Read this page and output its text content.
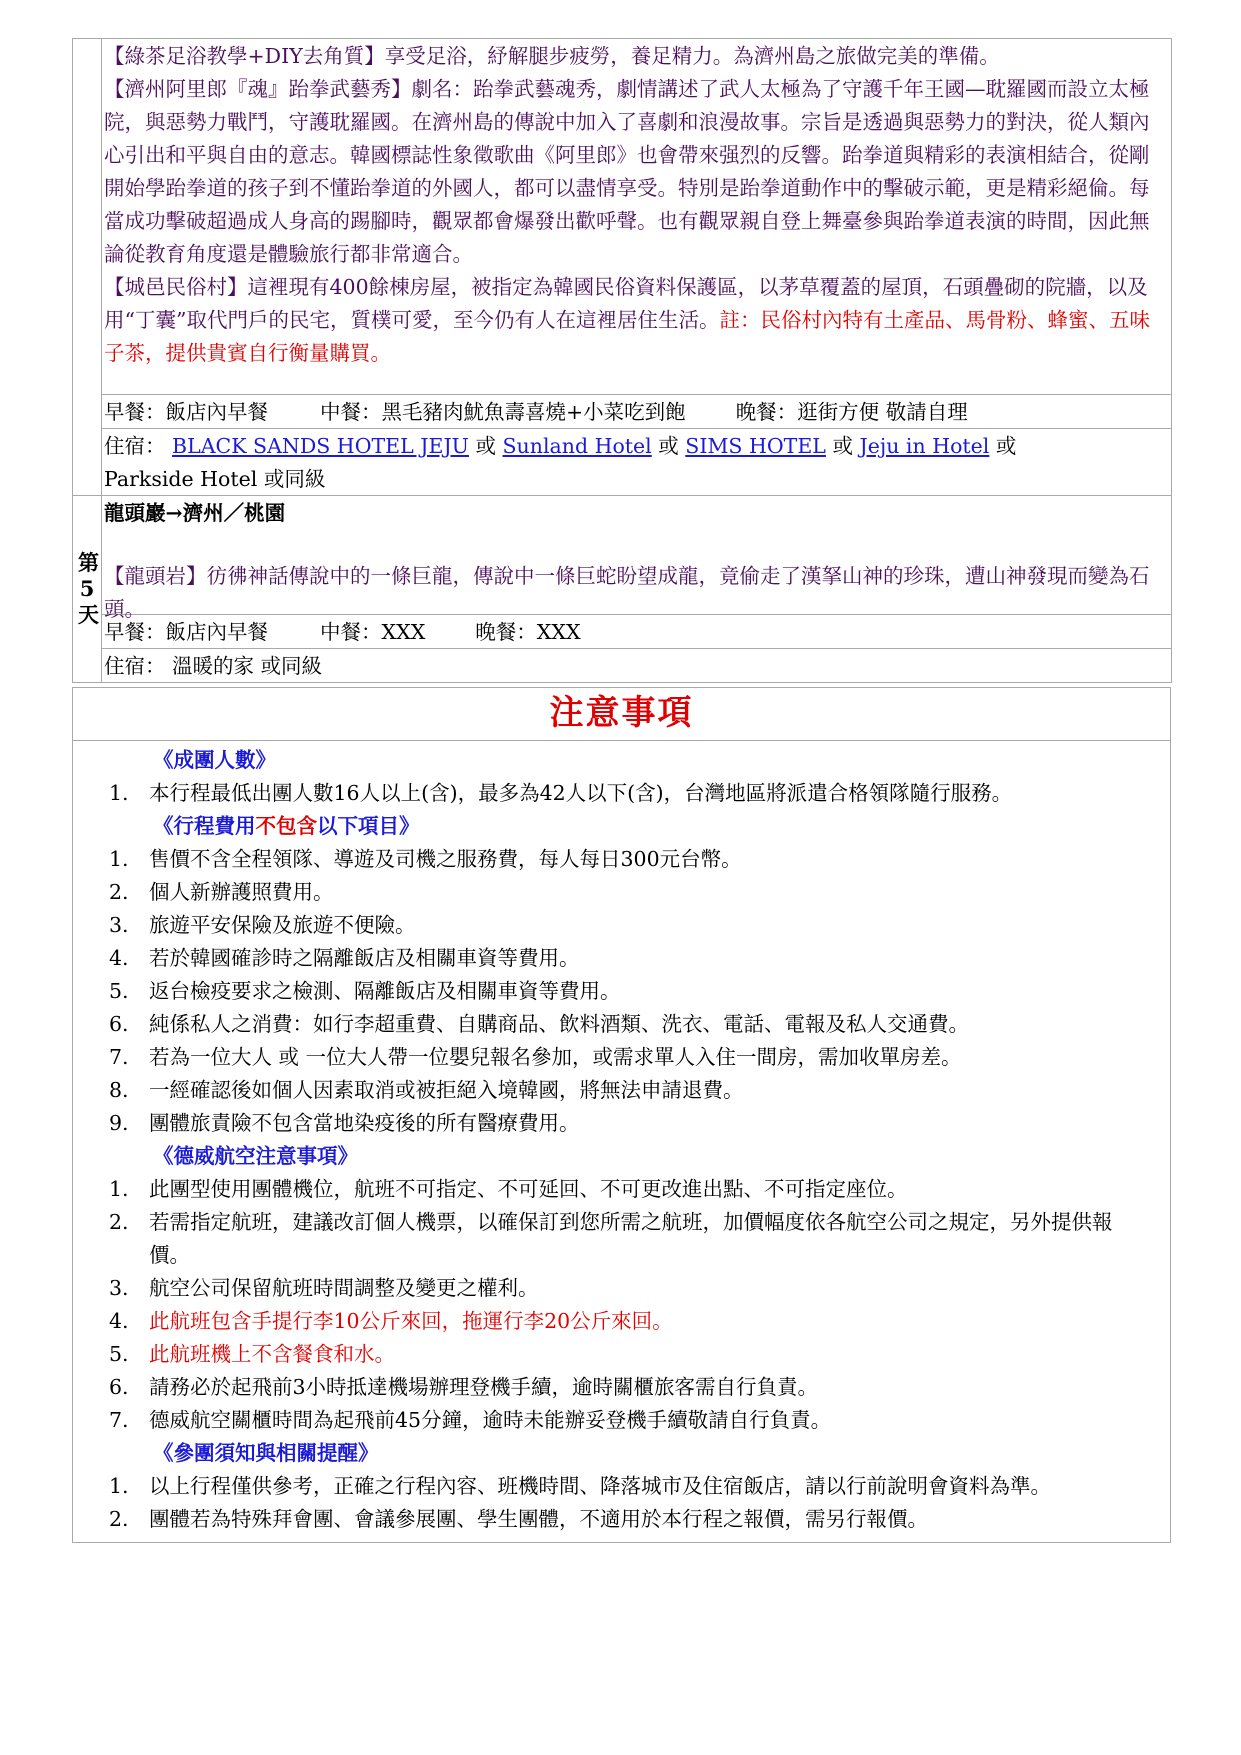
	【綠茶足浴教學+DIY去角質】享受足浴，紓解腿步疲勞，養足精力。為濟州島之旅做完美的準備。
【濟州阿里郎『魂』跆拳武藝秀】劇名：跆拳武藝魂秀，劇情講述了武人太極為了守護千年王國—耽羅國而設立太極院，與惡勢力戰鬥，守護耽羅國。在濟州島的傳說中加入了喜劇和浪漫故事。宗旨是透過與惡勢力的對決，從人類內心引出和平與自由的意志。韓國標誌性象徵歌曲《阿里郎》也會帶來强烈的反響。跆拳道與精彩的表演相結合，從剛開始學跆拳道的孩子到不懂跆拳道的外國人，都可以盡情享受。特別是跆拳道動作中的擊破示範，更是精彩絕倫。每當成功擊破超過成人身高的踢腳時，觀眾都會爆發出歡呼聲。也有觀眾親自登上舞臺參與跆拳道表演的時間，因此無論從教育角度還是體驗旅行都非常適合。
【城邑民俗村】這裡現有400餘棟房屋，被指定為韓國民俗資料保護區，以茅草覆蓋的屋頂，石頭疊砌的院牆，以及用“丁囊”取代門戶的民宅，質樸可愛，至今仍有人在這裡居住生活。註：民俗村內特有土產品、馬骨粉、蜂蜜、五味子茶，提供貴賓自行衡量購買。

	早餐：飯店內早餐 中餐：黑毛豬肉魷魚壽喜燒+小菜吃到飽 晚餐：逛街方便 敬請自理

	住宿： BLACK SANDS HOTEL JEJU 或 Sunland Hotel 或 SIMS HOTEL 或 Jeju in Hotel 或
Parkside Hotel 或同級

第5天	龍頭巖→濟州／桃園
【龍頭岩】彷彿神話傳說中的一條巨龍，傳說中一條巨蛇盼望成龍，竟偷走了漢拏山神的珍珠，遭山神發現而變為石頭。

	早餐：飯店內早餐 中餐：XXX 晚餐：XXX

	住宿： 溫暖的家 或同級
注意事項
《成團人數》
1. 本行程最低出團人數16人以上(含)，最多為42人以下(含)，台灣地區將派遣合格領隊隨行服務。
《行程費用不包含以下項目》
1. 售價不含全程領隊、導遊及司機之服務費，每人每日300元台幣。
2. 個人新辦護照費用。
3. 旅遊平安保險及旅遊不便險。
4. 若於韓國確診時之隔離飯店及相關車資等費用。
5. 返台檢疫要求之檢測、隔離飯店及相關車資等費用。
6. 純係私人之消費：如行李超重費、自購商品、飲料酒類、洗衣、電話、電報及私人交通費。
7. 若為一位大人 或 一位大人帶一位嬰兒報名參加，或需求單人入住一間房，需加收單房差。
8. 一經確認後如個人因素取消或被拒絕入境韓國，將無法申請退費。
9. 團體旅責險不包含當地染疫後的所有醫療費用。
《德威航空注意事項》
1. 此團型使用團體機位，航班不可指定、不可延回、不可更改進出點、不可指定座位。
2. 若需指定航班，建議改訂個人機票，以確保訂到您所需之航班，加價幅度依各航空公司之規定，另外提供報價。
3. 航空公司保留航班時間調整及變更之權利。
4. 此航班包含手提行李10公斤來回，拖運行李20公斤來回。
5. 此航班機上不含餐食和水。
6. 請務必於起飛前3小時抵達機場辦理登機手續，逾時關櫃旅客需自行負責。
7. 德威航空關櫃時間為起飛前45分鐘，逾時未能辦妥登機手續敬請自行負責。
《參團須知與相關提醒》
1. 以上行程僅供參考，正確之行程內容、班機時間、降落城市及住宿飯店，請以行前說明會資料為準。
2. 團體若為特殊拜會團、會議參展團、學生團體，不適用於本行程之報價，需另行報價。
